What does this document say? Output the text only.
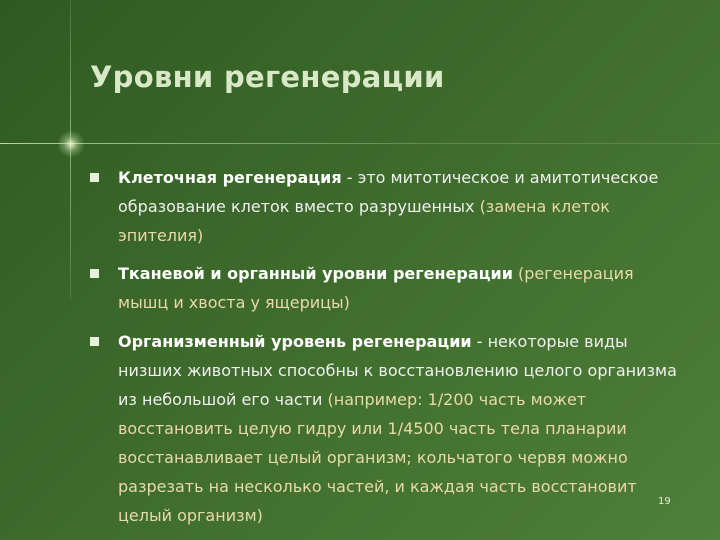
Уровни регенерации
Клеточная регенерация - это митотическое и амитотическое
образование клеток вместо разрушенных (замена клеток
эпителия)
Тканевой и органный уровни регенерации (регенерация
мышц и хвоста у ящерицы)
Организменный уровень регенерации - некоторые виды
низших животных способны к восстановлению целого организма
из небольшой его части (например: 1/200 часть может
восстановить целую гидру или 1/4500 часть тела планарии
восстанавливает целый организм; кольчатого червя можно
разрезать на несколько частей, и каждая часть восстановит
целый организм)
19
